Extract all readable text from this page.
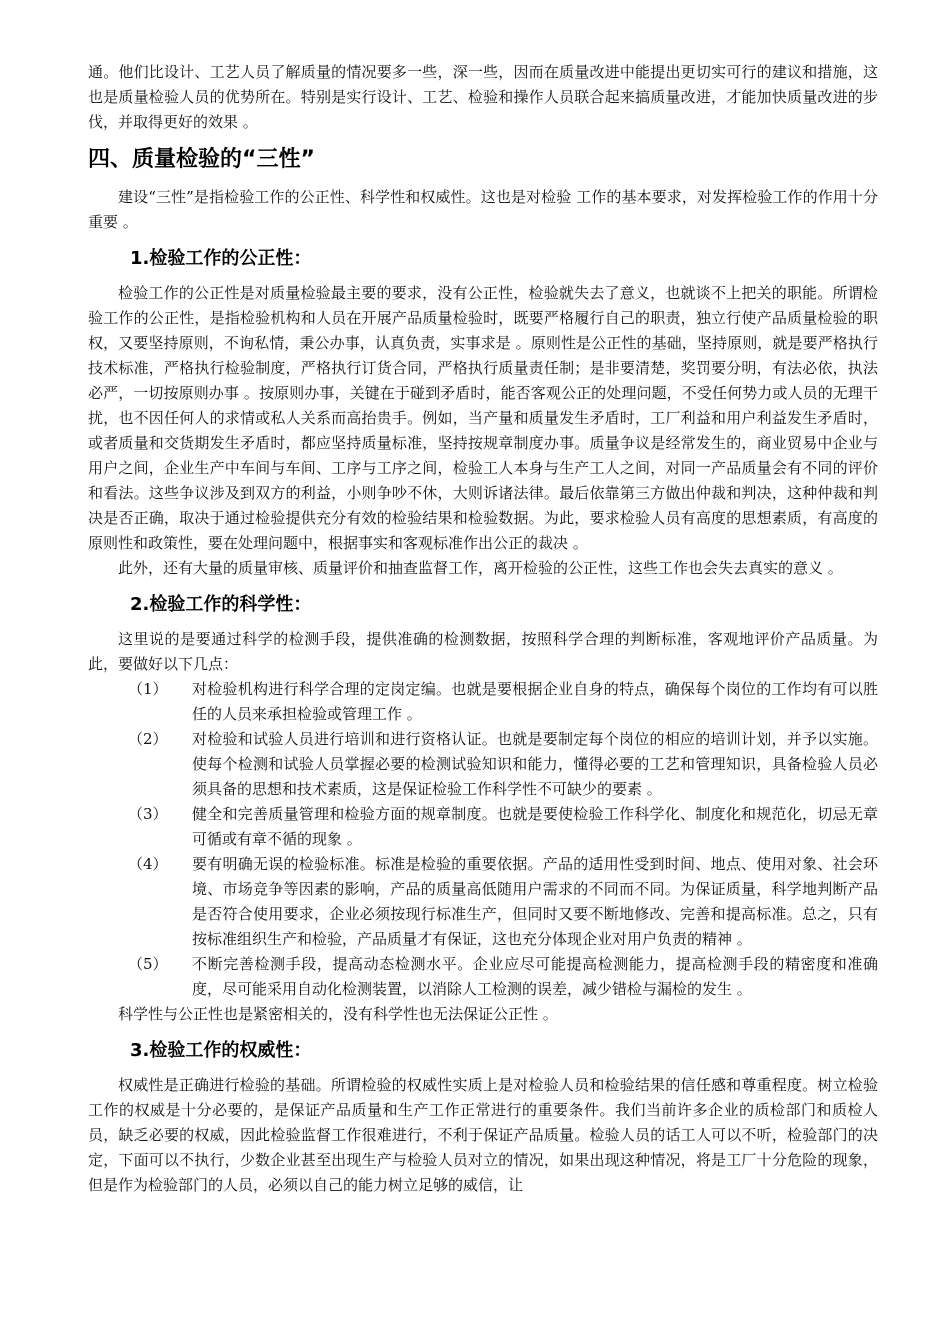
通。他们比设计、工艺人员了解质量的情况要多一些，深一些，因而在质量改进中能提出更切实可行的建议和措施，这也是质量检验人员的优势所在。特别是实行设计、工艺、检验和操作人员联合起来搞质量改进，才能加快质量改进的步伐，并取得更好的效果 。

四、质量检验的“三性”

建设“三性”是指检验工作的公正性、科学性和权威性。这也是对检验 工作的基本要求，对发挥检验工作的作用十分重要 。

1.检验工作的公正性：

检验工作的公正性是对质量检验最主要的要求，没有公正性，检验就失去了意义，也就谈不上把关的职能。所谓检验工作的公正性，是指检验机构和人员在开展产品质量检验时，既要严格履行自己的职责，独立行使产品质量检验的职权，又要坚持原则，不询私情，秉公办事，认真负责，实事求是 。原则性是公正性的基础，坚持原则，就是要严格执行技术标准，严格执行检验制度，严格执行订货合同，严格执行质量责任制；是非要清楚，奖罚要分明，有法必依，执法必严，一切按原则办事 。按原则办事，关键在于碰到矛盾时，能否客观公正的处理问题，不受任何势力或人员的无理干扰，也不因任何人的求情或私人关系而高抬贵手。例如，当产量和质量发生矛盾时，工厂利益和用户利益发生矛盾时，或者质量和交货期发生矛盾时，都应坚持质量标准，坚持按规章制度办事。质量争议是经常发生的，商业贸易中企业与用户之间，企业生产中车间与车间、工序与工序之间，检验工人本身与生产工人之间，对同一产品质量会有不同的评价和看法。这些争议涉及到双方的利益，小则争吵不休，大则诉诸法律。最后依靠第三方做出仲裁和判决，这种仲裁和判决是否正确，取决于通过检验提供充分有效的检验结果和检验数据。为此，要求检验人员有高度的思想素质，有高度的原则性和政策性，要在处理问题中，根据事实和客观标准作出公正的裁决 。

此外，还有大量的质量审核、质量评价和抽查监督工作，离开检验的公正性，这些工作也会失去真实的意义 。

2.检验工作的科学性：

这里说的是要通过科学的检测手段，提供准确的检测数据，按照科学合理的判断标准，客观地评价产品质量。为此，要做好以下几点：

（1）	对检验机构进行科学合理的定岗定编。也就是要根据企业自身的特点，确保每个岗位的工作均有可以胜任的人员来承担检验或管理工作 。
（2）	对检验和试验人员进行培训和进行资格认证。也就是要制定每个岗位的相应的培训计划，并予以实施。使每个检测和试验人员掌握必要的检测试验知识和能力，懂得必要的工艺和管理知识，具备检验人员必须具备的思想和技术素质，这是保证检验工作科学性不可缺少的要素 。
（3）	健全和完善质量管理和检验方面的规章制度。也就是要使检验工作科学化、制度化和规范化，切忌无章可循或有章不循的现象 。
（4）	要有明确无误的检验标准。标准是检验的重要依据。产品的适用性受到时间、地点、使用对象、社会环境、市场竞争等因素的影响，产品的质量高低随用户需求的不同而不同。为保证质量，科学地判断产品是否符合使用要求，企业必须按现行标准生产，但同时又要不断地修改、完善和提高标准。总之，只有按标准组织生产和检验，产品质量才有保证，这也充分体现企业对用户负责的精神 。
（5）	不断完善检测手段，提高动态检测水平。企业应尽可能提高检测能力，提高检测手段的精密度和准确度，尽可能采用自动化检测装置，以消除人工检测的误差，减少错检与漏检的发生 。

科学性与公正性也是紧密相关的，没有科学性也无法保证公正性 。

3.检验工作的权威性：

权威性是正确进行检验的基础。所谓检验的权威性实质上是对检验人员和检验结果的信任感和尊重程度。树立检验工作的权威是十分必要的，是保证产品质量和生产工作正常进行的重要条件。我们当前许多企业的质检部门和质检人员，缺乏必要的权威，因此检验监督工作很难进行，不利于保证产品质量。检验人员的话工人可以不听，检验部门的决定，下面可以不执行，少数企业甚至出现生产与检验人员对立的情况，如果出现这种情况，将是工厂十分危险的现象，但是作为检验部门的人员，必须以自己的能力树立足够的威信，让
